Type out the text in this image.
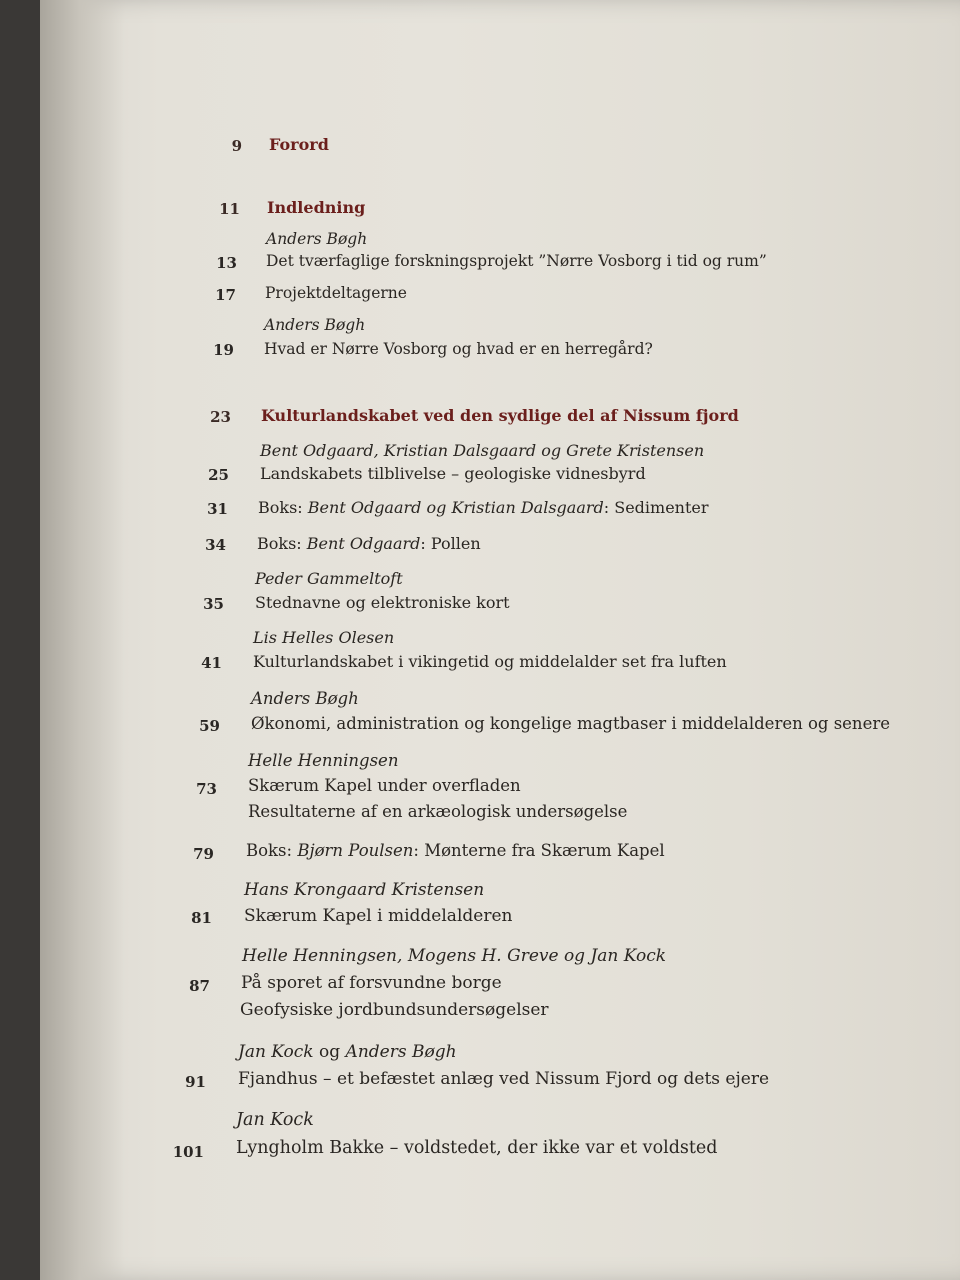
9 Forord
11 Indledning
Anders Bøgh
13 Det tværfaglige forskningsprojekt ”Nørre Vosborg i tid og rum”
17 Projektdeltagerne
Anders Bøgh
19 Hvad er Nørre Vosborg og hvad er en herregård?
23 Kulturlandskabet ved den sydlige del af Nissum fjord
Bent Odgaard, Kristian Dalsgaard og Grete Kristensen
25 Landskabets tilblivelse – geologiske vidnesbyrd
31 Boks: Bent Odgaard og Kristian Dalsgaard: Sedimenter
34 Boks: Bent Odgaard: Pollen
Peder Gammeltoft
35 Stednavne og elektroniske kort
Lis Helles Olesen
41 Kulturlandskabet i vikingetid og middelalder set fra luften
Anders Bøgh
59 Økonomi, administration og kongelige magtbaser i middelalderen og senere
Helle Henningsen
73 Skærum Kapel under overfladen
Resultaterne af en arkæologisk undersøgelse
79 Boks: Bjørn Poulsen: Mønterne fra Skærum Kapel
Hans Krongaard Kristensen
81 Skærum Kapel i middelalderen
Helle Henningsen, Mogens H. Greve og Jan Kock
87 På sporet af forsvundne borge
Geofysiske jordbundsundersøgelser
Jan Kock og Anders Bøgh
91 Fjandhus – et befæstet anlæg ved Nissum Fjord og dets ejere
Jan Kock
101 Lyngholm Bakke – voldstedet, der ikke var et voldsted
